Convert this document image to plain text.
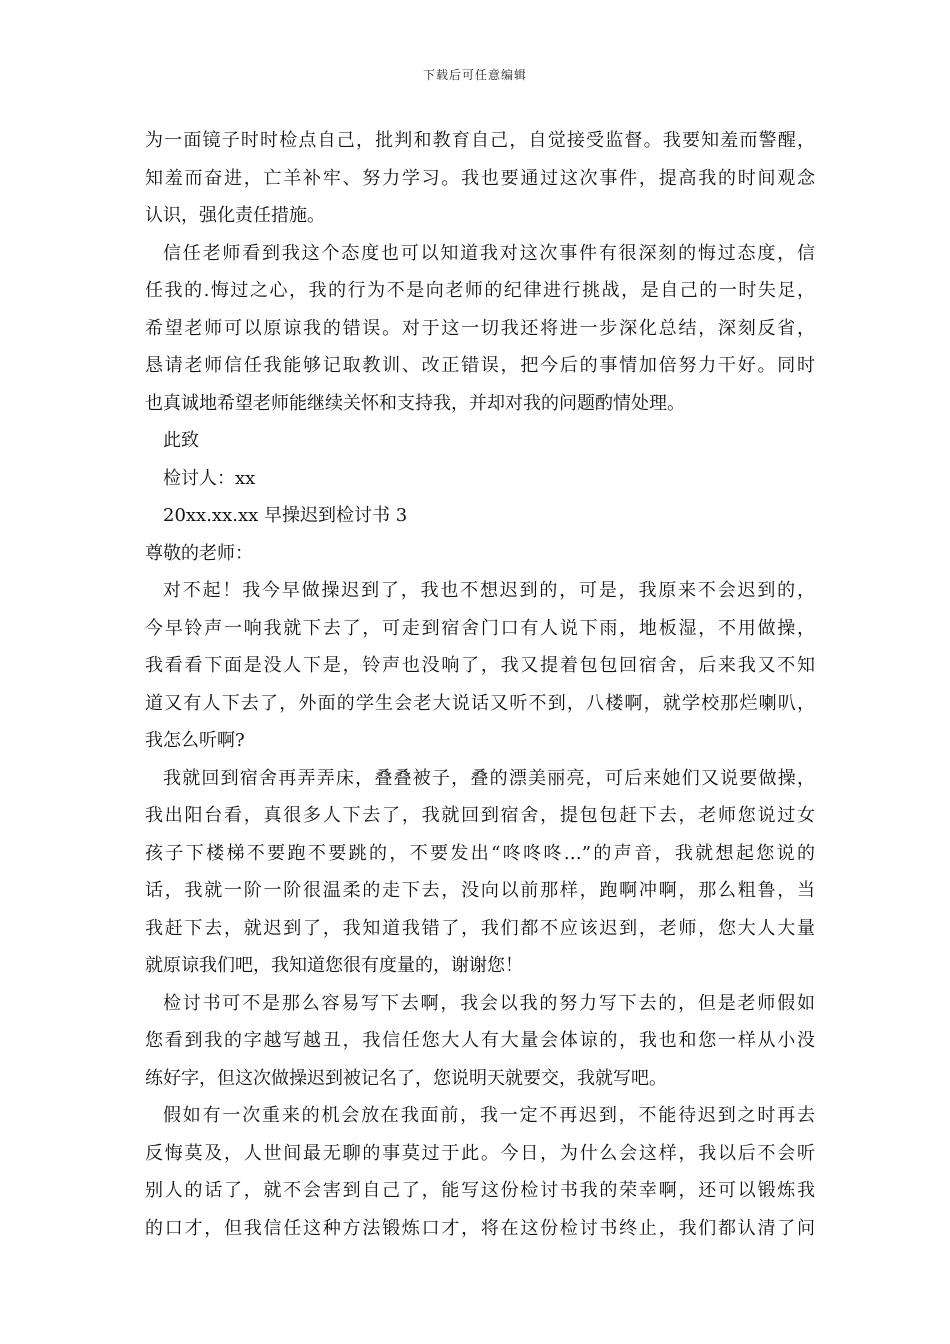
下载后可任意编辑
为一面镜子时时检点自己，批判和教育自己，自觉接受监督。我要知羞而警醒，
知羞而奋进，亡羊补牢、努力学习。我也要通过这次事件，提高我的时间观念
认识，强化责任措施。
信任老师看到我这个态度也可以知道我对这次事件有很深刻的悔过态度，信
任我的.悔过之心，我的行为不是向老师的纪律进行挑战，是自己的一时失足，
希望老师可以原谅我的错误。对于这一切我还将进一步深化总结，深刻反省，
恳请老师信任我能够记取教训、改正错误，把今后的事情加倍努力干好。同时
也真诚地希望老师能继续关怀和支持我，并却对我的问题酌情处理。
此致
检讨人：xx
20xx.xx.xx 早操迟到检讨书 3
尊敬的老师：
对不起！我今早做操迟到了，我也不想迟到的，可是，我原来不会迟到的，
今早铃声一响我就下去了，可走到宿舍门口有人说下雨，地板湿，不用做操，
我看看下面是没人下是，铃声也没响了，我又提着包包回宿舍，后来我又不知
道又有人下去了，外面的学生会老大说话又听不到，八楼啊，就学校那烂喇叭，
我怎么听啊?
我就回到宿舍再弄弄床，叠叠被子，叠的漂美丽亮，可后来她们又说要做操，
我出阳台看，真很多人下去了，我就回到宿舍，提包包赶下去，老师您说过女
孩子下楼梯不要跑不要跳的，不要发出“咚咚咚…”的声音，我就想起您说的
话，我就一阶一阶很温柔的走下去，没向以前那样，跑啊冲啊，那么粗鲁，当
我赶下去，就迟到了，我知道我错了，我们都不应该迟到，老师，您大人大量
就原谅我们吧，我知道您很有度量的，谢谢您！
检讨书可不是那么容易写下去啊，我会以我的努力写下去的，但是老师假如
您看到我的字越写越丑，我信任您大人有大量会体谅的，我也和您一样从小没
练好字，但这次做操迟到被记名了，您说明天就要交，我就写吧。
假如有一次重来的机会放在我面前，我一定不再迟到，不能待迟到之时再去
反悔莫及，人世间最无聊的事莫过于此。今日，为什么会这样，我以后不会听
别人的话了，就不会害到自己了，能写这份检讨书我的荣幸啊，还可以锻炼我
的口才，但我信任这种方法锻炼口才，将在这份检讨书终止，我们都认清了问
